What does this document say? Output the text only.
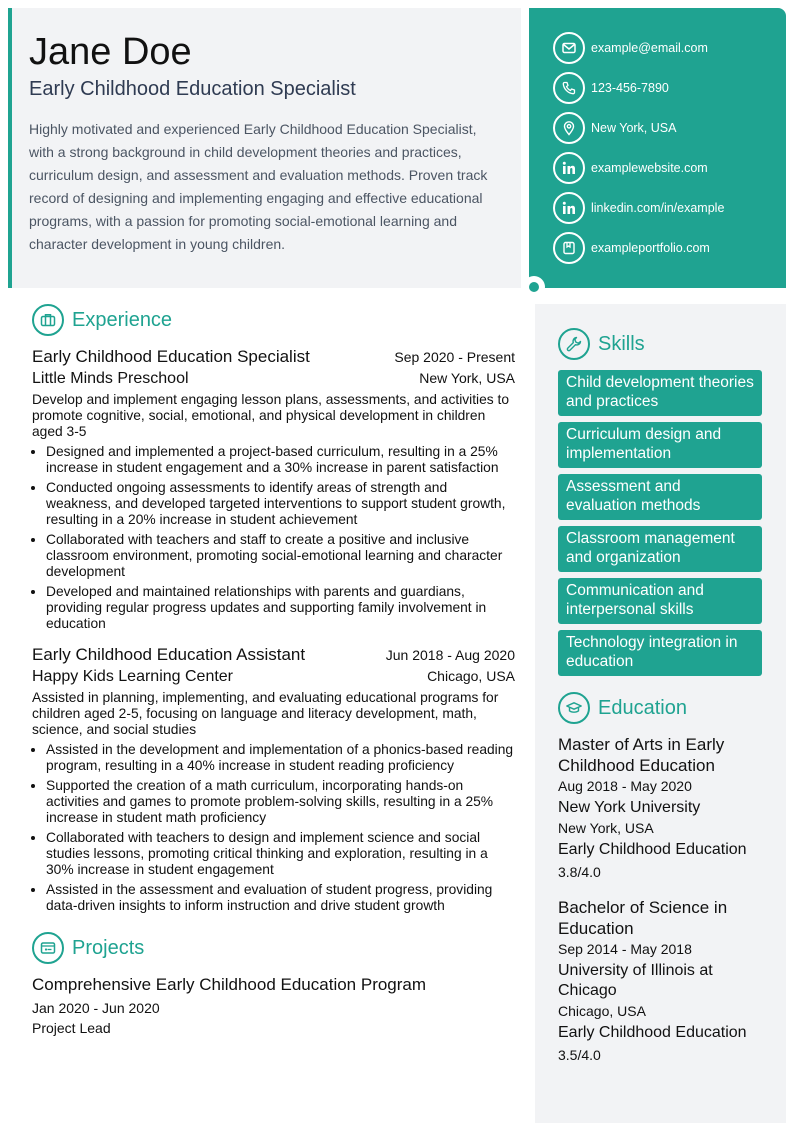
Jane Doe
Early Childhood Education Specialist
Highly motivated and experienced Early Childhood Education Specialist, with a strong background in child development theories and practices, curriculum design, and assessment and evaluation methods. Proven track record of designing and implementing engaging and effective educational programs, with a passion for promoting social-emotional learning and character development in young children.
example@email.com
123-456-7890
New York, USA
examplewebsite.com
linkedin.com/in/example
exampleportfolio.com
Experience
Early Childhood Education Specialist	Sep 2020 - Present
Little Minds Preschool	New York, USA
Develop and implement engaging lesson plans, assessments, and activities to promote cognitive, social, emotional, and physical development in children aged 3-5
• Designed and implemented a project-based curriculum, resulting in a 25% increase in student engagement and a 30% increase in parent satisfaction
• Conducted ongoing assessments to identify areas of strength and weakness, and developed targeted interventions to support student growth, resulting in a 20% increase in student achievement
• Collaborated with teachers and staff to create a positive and inclusive classroom environment, promoting social-emotional learning and character development
• Developed and maintained relationships with parents and guardians, providing regular progress updates and supporting family involvement in education
Early Childhood Education Assistant	Jun 2018 - Aug 2020
Happy Kids Learning Center	Chicago, USA
Assisted in planning, implementing, and evaluating educational programs for children aged 2-5, focusing on language and literacy development, math, science, and social studies
• Assisted in the development and implementation of a phonics-based reading program, resulting in a 40% increase in student reading proficiency
• Supported the creation of a math curriculum, incorporating hands-on activities and games to promote problem-solving skills, resulting in a 25% increase in student math proficiency
• Collaborated with teachers to design and implement science and social studies lessons, promoting critical thinking and exploration, resulting in a 30% increase in student engagement
• Assisted in the assessment and evaluation of student progress, providing data-driven insights to inform instruction and drive student growth
Projects
Comprehensive Early Childhood Education Program
Jan 2020 - Jun 2020
Project Lead
Skills
Child development theories and practices
Curriculum design and implementation
Assessment and evaluation methods
Classroom management and organization
Communication and interpersonal skills
Technology integration in education
Education
Master of Arts in Early Childhood Education
Aug 2018 - May 2020
New York University
New York, USA
Early Childhood Education
3.8/4.0
Bachelor of Science in Education
Sep 2014 - May 2018
University of Illinois at Chicago
Chicago, USA
Early Childhood Education
3.5/4.0
